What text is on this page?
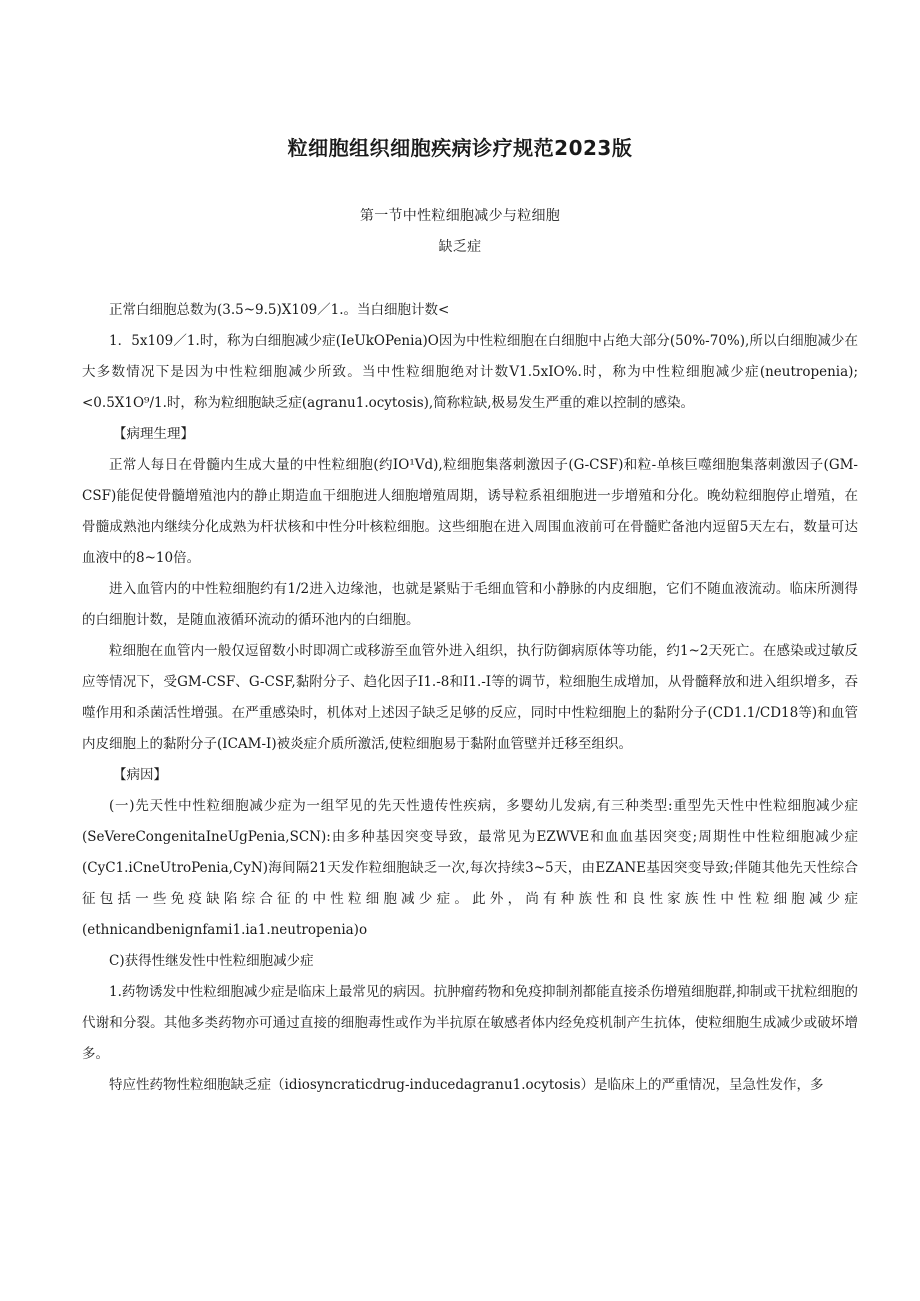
粒细胞组织细胞疾病诊疗规范2023版
第一节中性粒细胞减少与粒细胞
缺乏症

正常白细胞总数为(3.5~9.5)X109／1.。当白细胞计数<

1．5x109／1.时，称为白细胞减少症(IeUkOPenia)O因为中性粒细胞在白细胞中占绝大部分(50%-70%),所以白细胞减少在大多数情况下是因为中性粒细胞减少所致。当中性粒细胞绝对计数V1.5xIO%.时，称为中性粒细胞减少症(neutropenia);<0.5X1O⁹/1.时，称为粒细胞缺乏症(agranu1.ocytosis),简称粒缺,极易发生严重的难以控制的感染。

【病理生理】

正常人每日在骨髓内生成大量的中性粒细胞(约IO¹Vd),粒细胞集落刺激因子(G-CSF)和粒-单核巨噬细胞集落刺激因子(GM-CSF)能促使骨髓增殖池内的静止期造血干细胞进人细胞增殖周期，诱导粒系祖细胞进一步增殖和分化。晚幼粒细胞停止增殖，在骨髓成熟池内继续分化成熟为杆状核和中性分叶核粒细胞。这些细胞在进入周围血液前可在骨髓贮备池内逗留5天左右，数量可达血液中的8~10倍。

进入血管内的中性粒细胞约有1/2进入边缘池，也就是紧贴于毛细血管和小静脉的内皮细胞，它们不随血液流动。临床所测得的白细胞计数，是随血液循环流动的循环池内的白细胞。

粒细胞在血管内一般仅逗留数小时即凋亡或移游至血管外进入组织，执行防御病原体等功能，约1~2天死亡。在感染或过敏反应等情况下，受GM-CSF、G-CSF,黏附分子、趋化因子I1.-8和I1.-I等的调节，粒细胞生成增加，从骨髓释放和进入组织增多，吞噬作用和杀菌活性增强。在严重感染时，机体对上述因子缺乏足够的反应，同时中性粒细胞上的黏附分子(CD1.1/CD18等)和血管内皮细胞上的黏附分子(ICAM-I)被炎症介质所激活,使粒细胞易于黏附血管壁并迁移至组织。

【病因】

(一)先天性中性粒细胞减少症为一组罕见的先天性遗传性疾病，多婴幼儿发病,有三种类型:重型先天性中性粒细胞减少症(SeVereCongenitaIneUgPenia,SCN):由多种基因突变导致，最常见为EZWVE和血血基因突变;周期性中性粒细胞减少症(CyC1.iCneUtroPenia,CyN)海间隔21天发作粒细胞缺乏一次,每次持续3~5天，由EZANE基因突变导致;伴随其他先天性综合征包括一些免疫缺陷综合征的中性粒细胞减少症。此外，尚有种族性和良性家族性中性粒细胞减少症(ethnicandbenignfami1.ia1.neutropenia)o

C)获得性继发性中性粒细胞减少症

1.药物诱发中性粒细胞减少症是临床上最常见的病因。抗肿瘤药物和免疫抑制剂都能直接杀伤增殖细胞群,抑制或干扰粒细胞的代谢和分裂。其他多类药物亦可通过直接的细胞毒性或作为半抗原在敏感者体内经免疫机制产生抗体，使粒细胞生成减少或破坏增多。

特应性药物性粒细胞缺乏症（idiosyncraticdrug-inducedagranu1.ocytosis）是临床上的严重情况，呈急性发作，多
